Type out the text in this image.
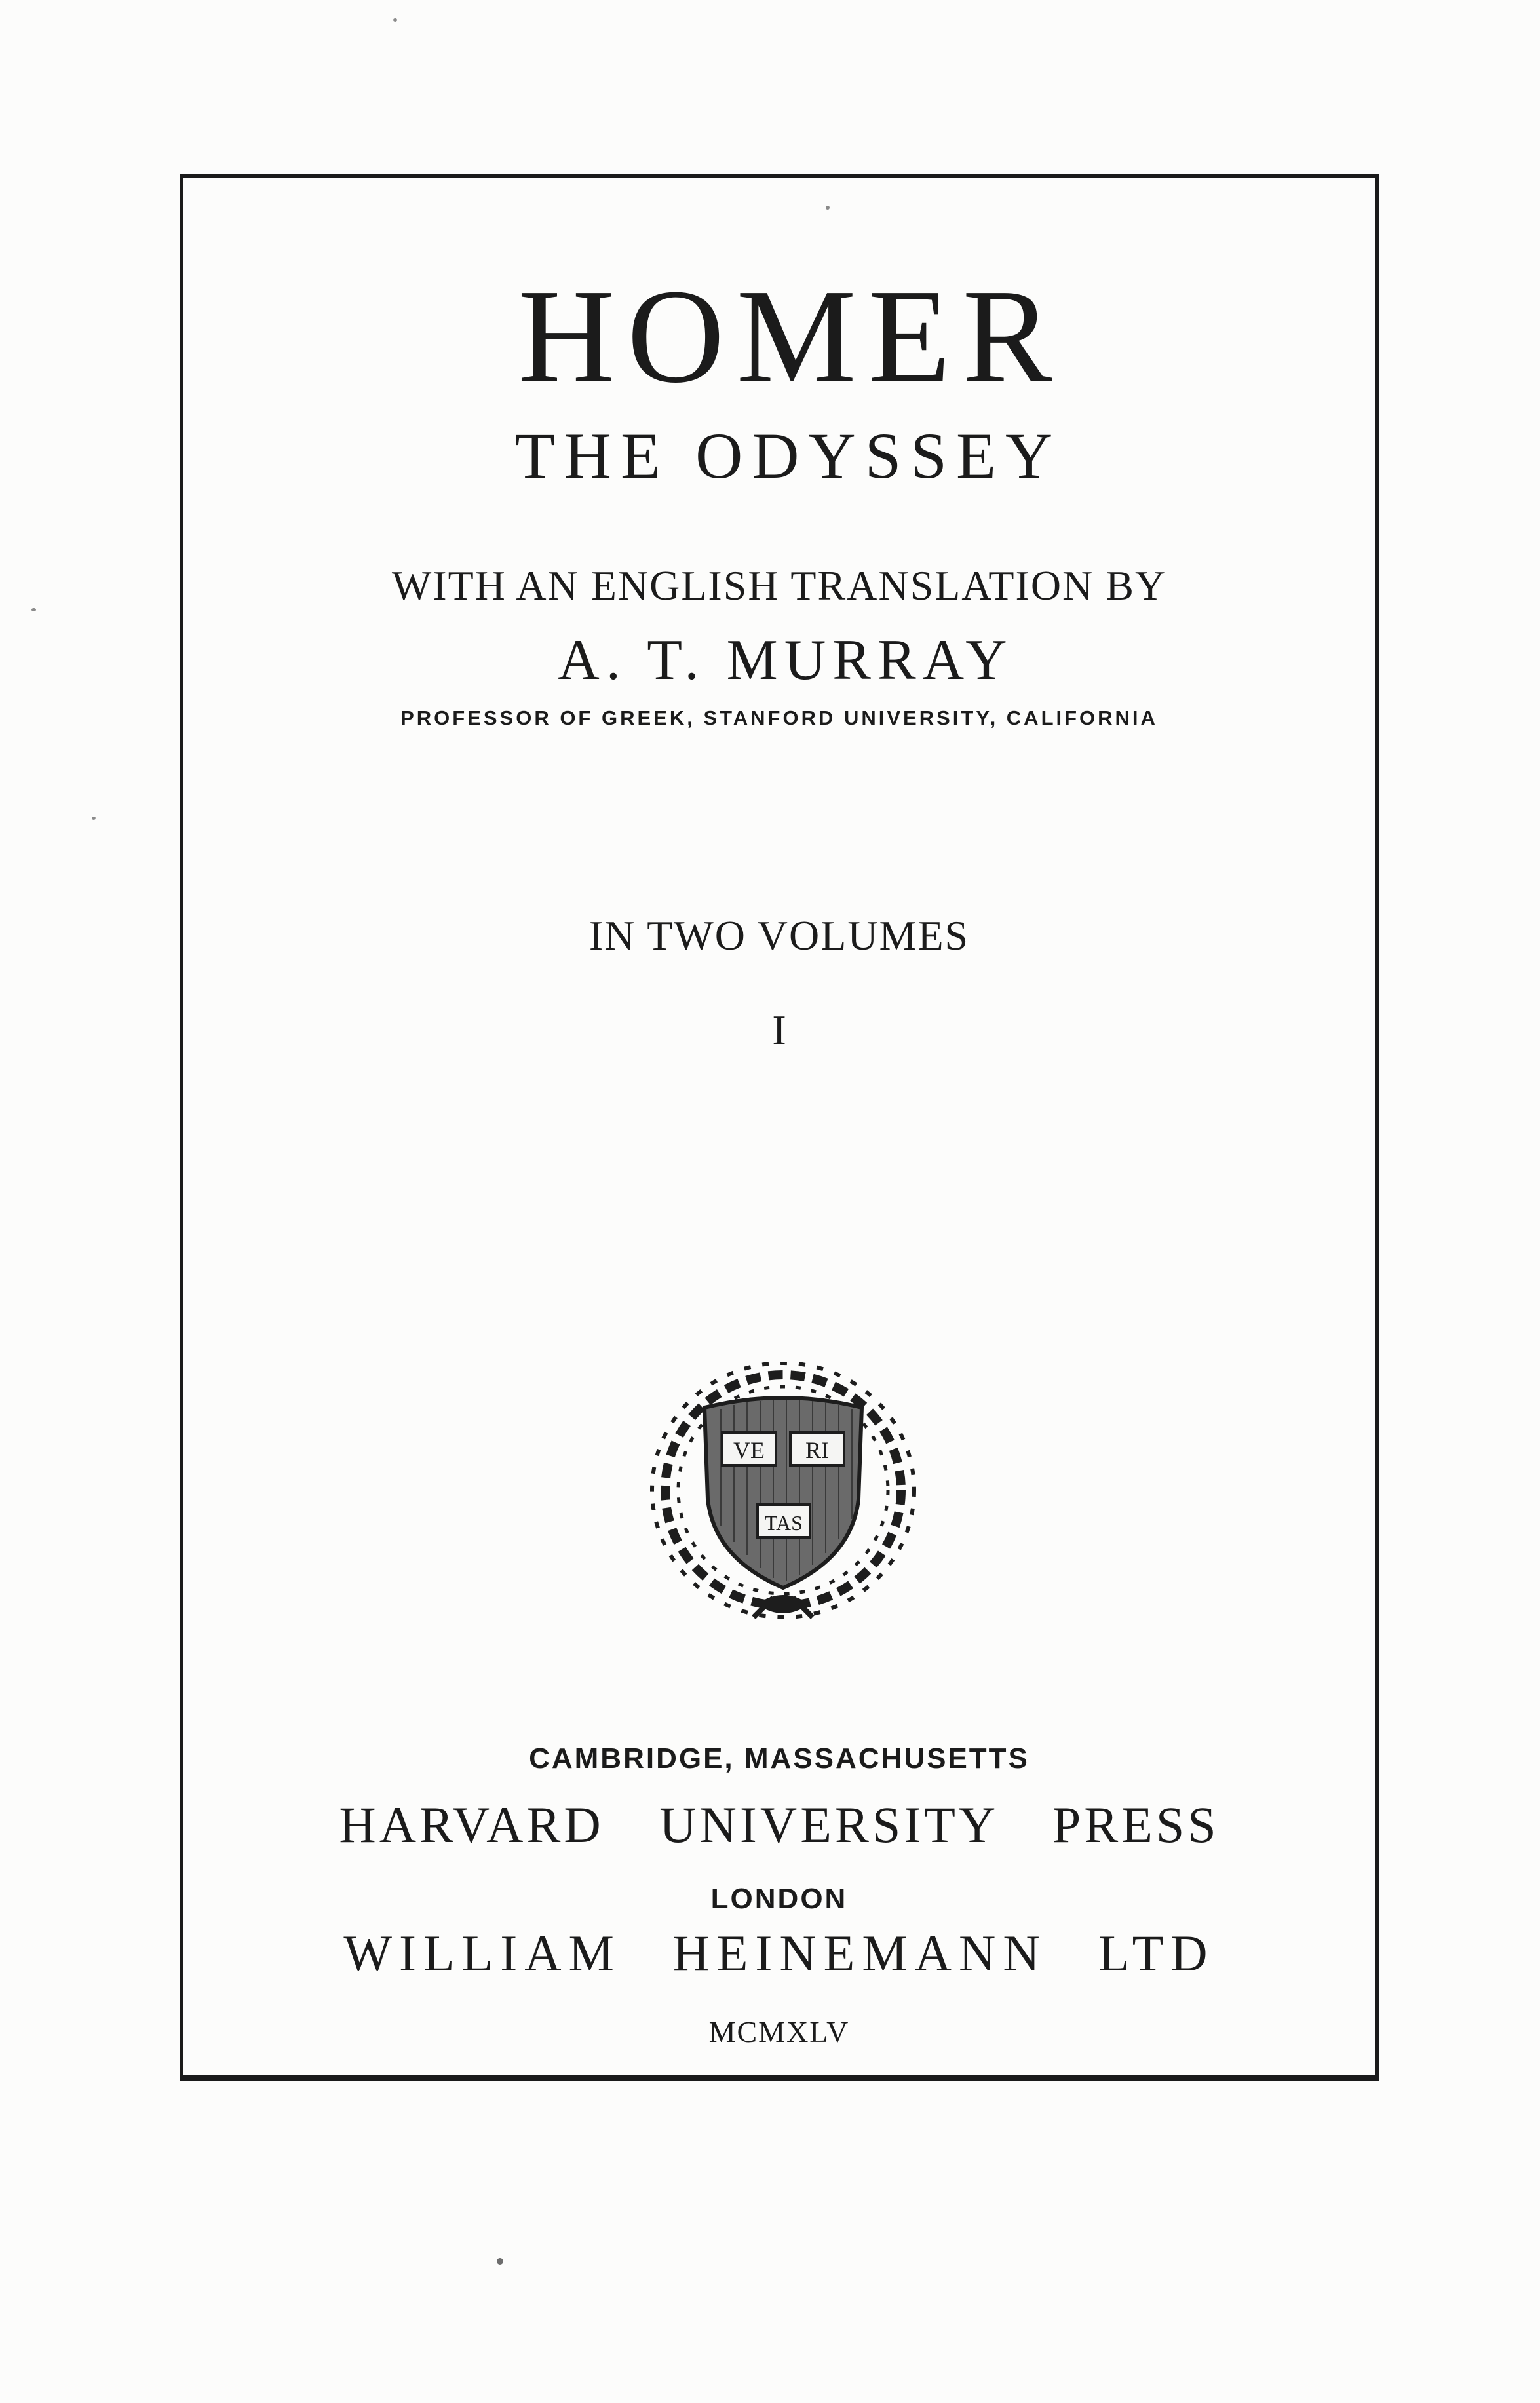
HOMER
THE ODYSSEY
WITH AN ENGLISH TRANSLATION BY
A. T. MURRAY
PROFESSOR OF GREEK, STANFORD UNIVERSITY, CALIFORNIA
IN TWO VOLUMES
I
VE RI
TAS
CAMBRIDGE, MASSACHUSETTS
HARVARD UNIVERSITY PRESS
LONDON
WILLIAM HEINEMANN LTD
MCMXLV
